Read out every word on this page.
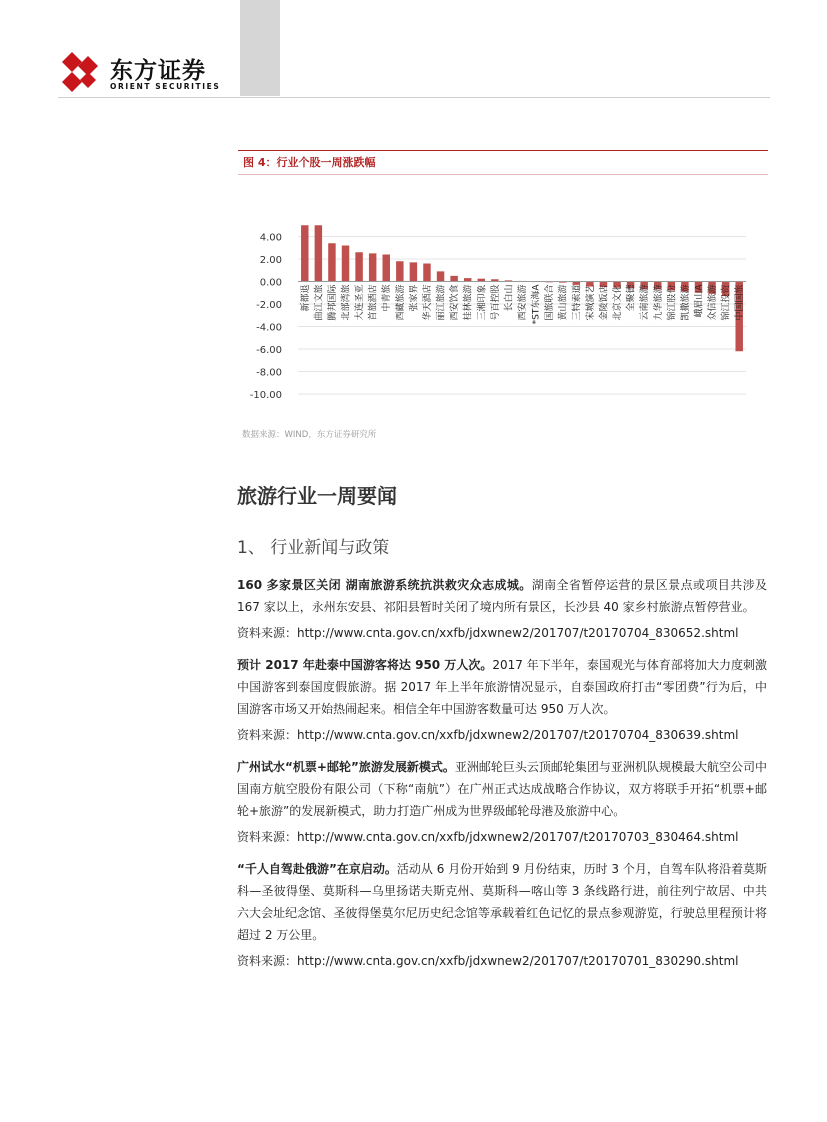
东方证券
ORIENT SECURITIES
图 4：行业个股一周涨跌幅
4.00
2.00
0.00
-2.00
-4.00
-6.00
-8.00
-10.00
新都退 曲江文旅 腾邦国际 北部湾旅 大连圣亚 首旅酒店 中青旅 西藏旅游 张家界 华天酒店 丽江旅游 西安饮食 桂林旅游 三湘印象 号百控股 长白山 西安旅游 *ST东海A 国旅联合 黄山旅游 三特索道 宋城演艺 金陵饭店 北京文化 全聚德 云南旅游 九华旅游 锦江股份 凯撒旅游 峨眉山A 众信旅游 锦江投资 中国国旅
数据来源：WIND，东方证券研究所
旅游行业一周要闻
1、 行业新闻与政策

160 多家景区关闭 湖南旅游系统抗洪救灾众志成城。湖南全省暂停运营的景区景点或项目共涉及 167 家以上，永州东安县、祁阳县暂时关闭了境内所有景区，长沙县 40 家乡村旅游点暂停营业。

资料来源：http://www.cnta.gov.cn/xxfb/jdxwnew2/201707/t20170704_830652.shtml

预计 2017 年赴泰中国游客将达 950 万人次。2017 年下半年，泰国观光与体育部将加大力度刺激中国游客到泰国度假旅游。据 2017 年上半年旅游情况显示，自泰国政府打击“零团费”行为后，中国游客市场又开始热闹起来。相信全年中国游客数量可达 950 万人次。

资料来源：http://www.cnta.gov.cn/xxfb/jdxwnew2/201707/t20170704_830639.shtml

广州试水“机票+邮轮”旅游发展新模式。亚洲邮轮巨头云顶邮轮集团与亚洲机队规模最大航空公司中国南方航空股份有限公司（下称“南航”）在广州正式达成战略合作协议，双方将联手开拓“机票+邮轮+旅游”的发展新模式，助力打造广州成为世界级邮轮母港及旅游中心。

资料来源：http://www.cnta.gov.cn/xxfb/jdxwnew2/201707/t20170703_830464.shtml

“千人自驾赴俄游”在京启动。活动从 6 月份开始到 9 月份结束，历时 3 个月，自驾车队将沿着莫斯科—圣彼得堡、莫斯科—乌里扬诺夫斯克州、莫斯科—喀山等 3 条线路行进，前往列宁故居、中共六大会址纪念馆、圣彼得堡莫尔尼历史纪念馆等承载着红色记忆的景点参观游览，行驶总里程预计将超过 2 万公里。

资料来源：http://www.cnta.gov.cn/xxfb/jdxwnew2/201707/t20170701_830290.shtml
